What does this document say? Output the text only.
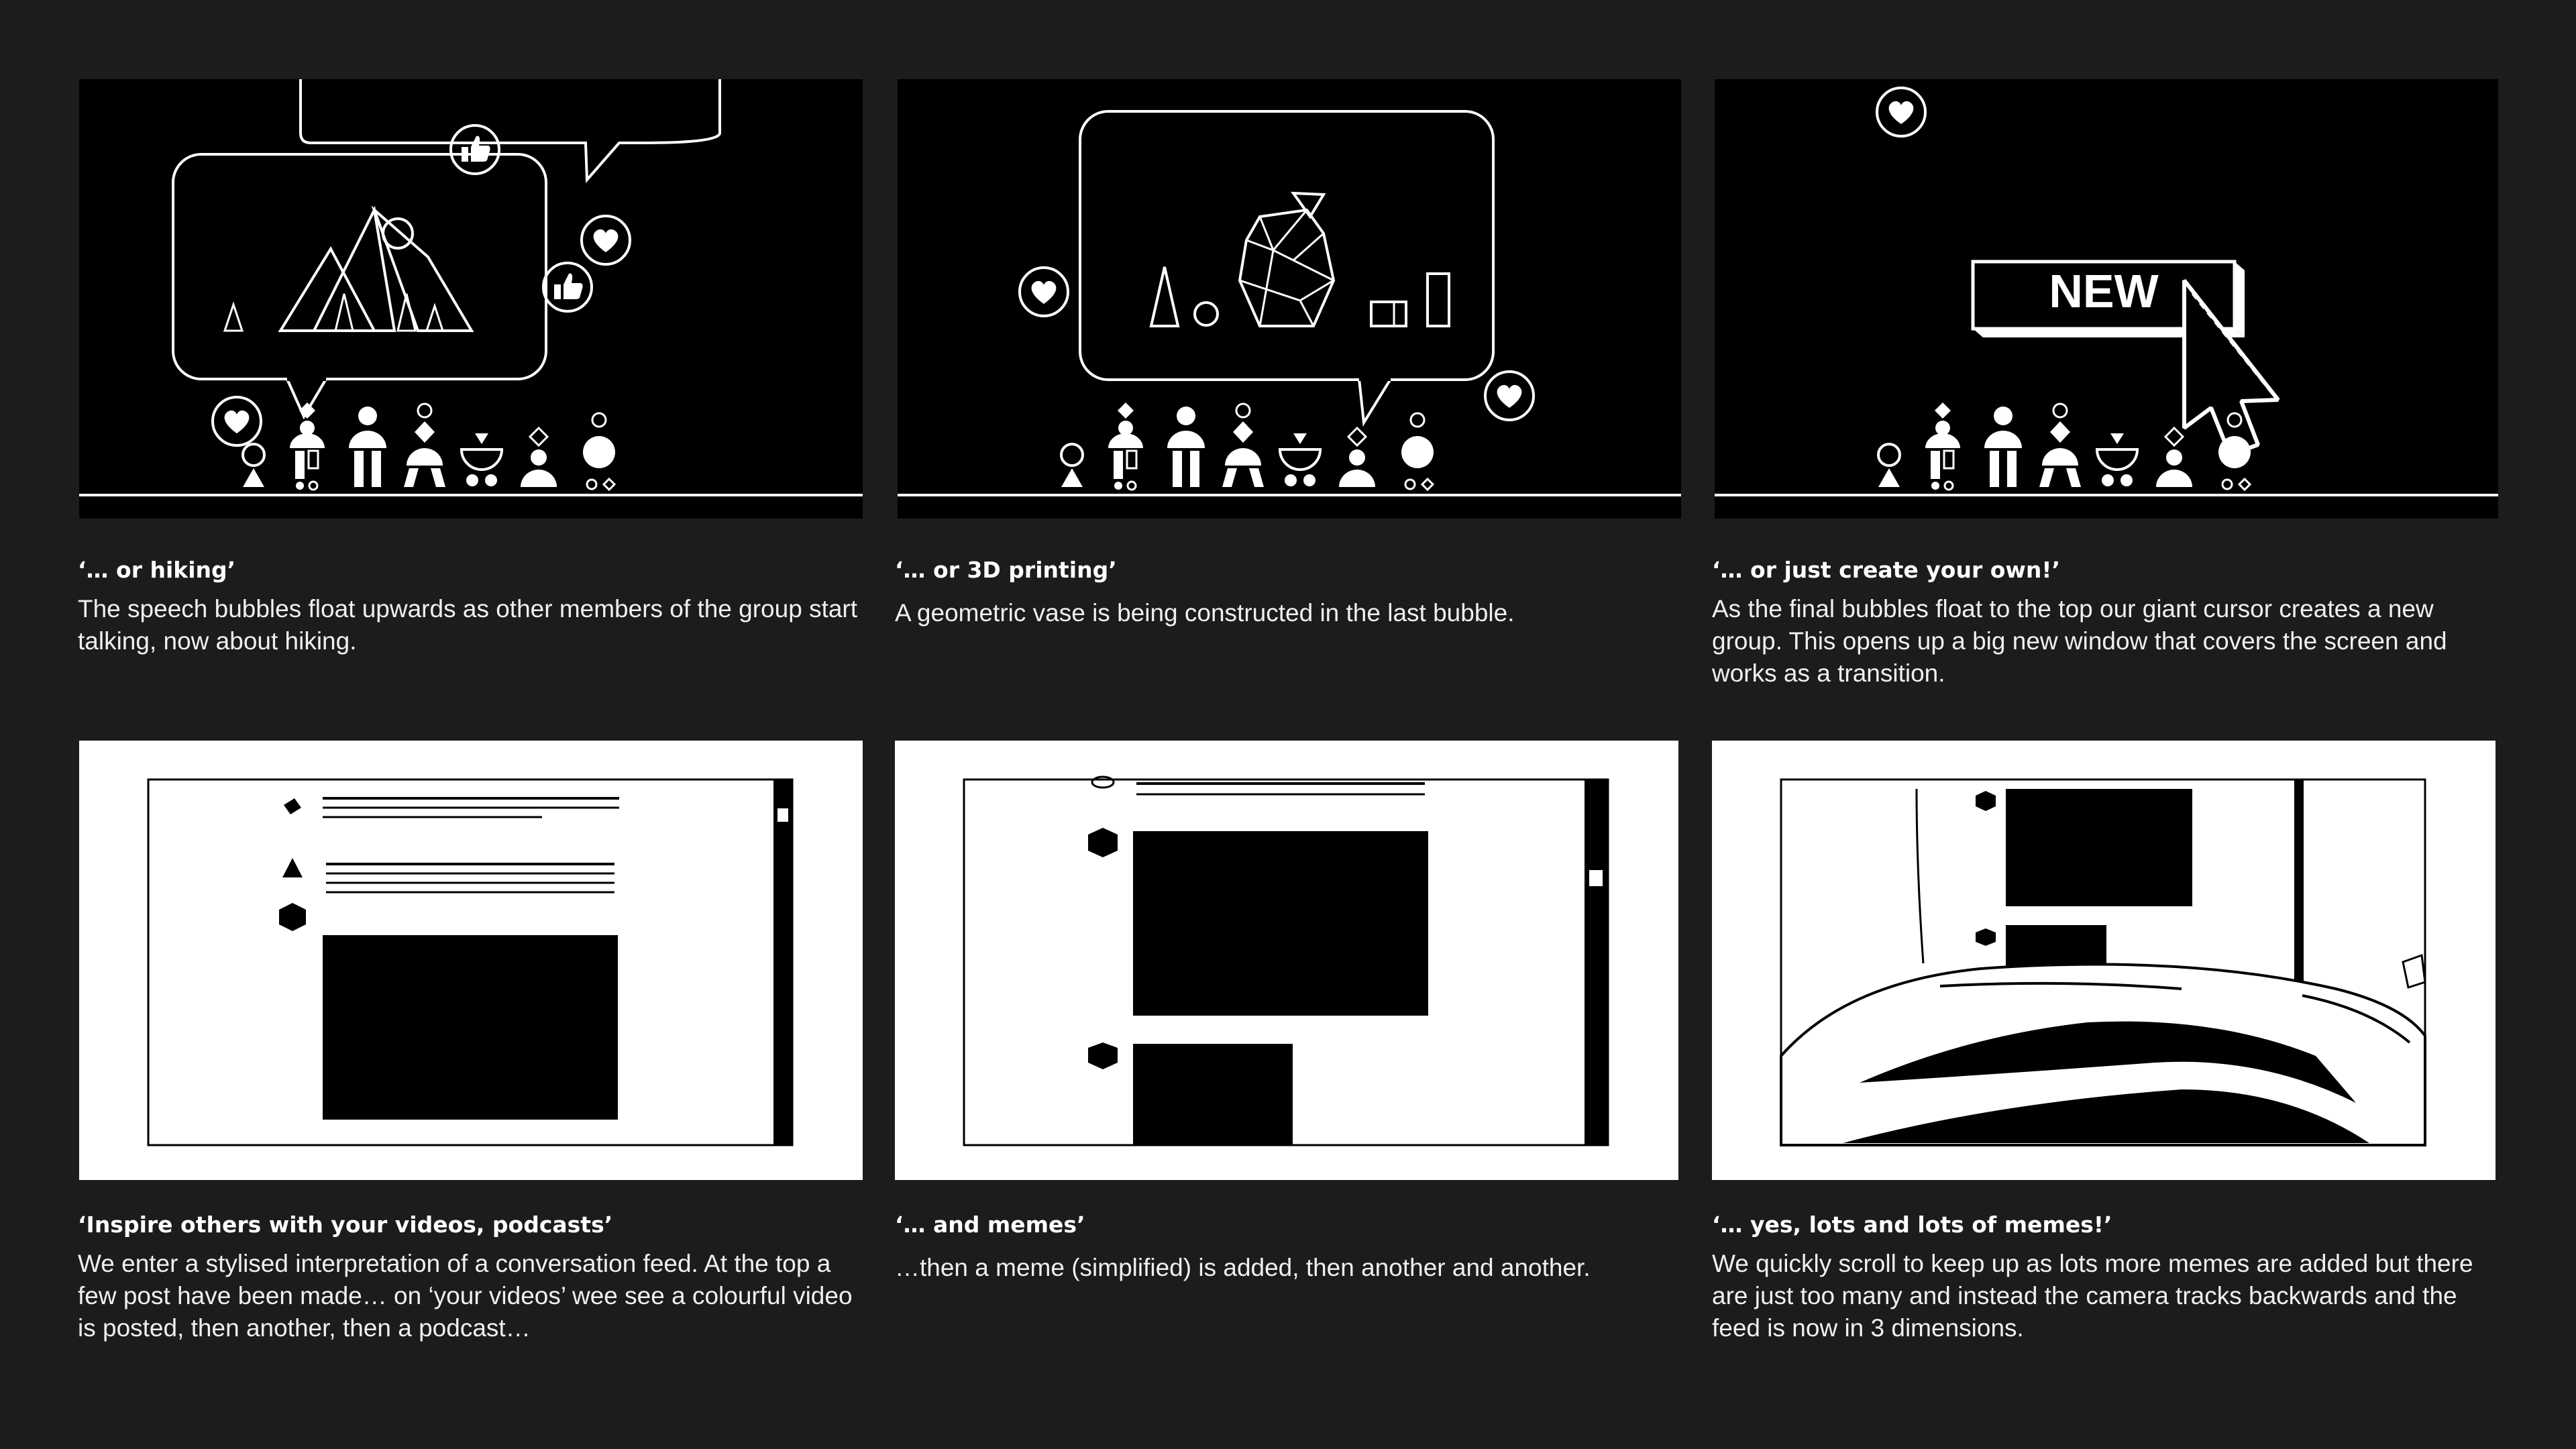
‘… or hiking’
The speech bubbles float upwards as other members of the group start talking, now about hiking.
‘… or 3D printing’
A geometric vase is being constructed in the last bubble.
NEW
‘… or just create your own!’
As the final bubbles float to the top our giant cursor creates a new group. This opens up a big new window that covers the screen and works as a transition.
‘Inspire others with your videos, podcasts’
We enter a stylised interpretation of a conversation feed. At the top a few post have been made… on ‘your videos’ wee see a colourful video is posted, then another, then a podcast…
‘… and memes’
…then a meme (simplified) is added, then another and another.
‘… yes, lots and lots of memes!’
We quickly scroll to keep up as lots more memes are added but there are just too many and instead the camera tracks backwards and the feed is now in 3 dimensions.
